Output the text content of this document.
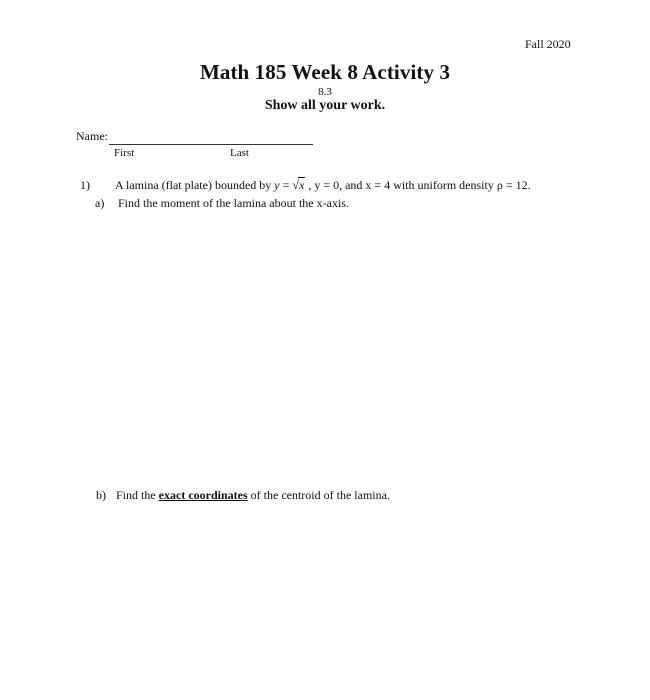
Fall 2020
Math 185 Week 8 Activity 3
8.3
Show all your work.
Name:
First	Last
1) A lamina (flat plate) bounded by y = √x , y = 0, and x = 4 with uniform density ρ = 12.
a) Find the moment of the lamina about the x-axis.
b) Find the exact coordinates of the centroid of the lamina.
